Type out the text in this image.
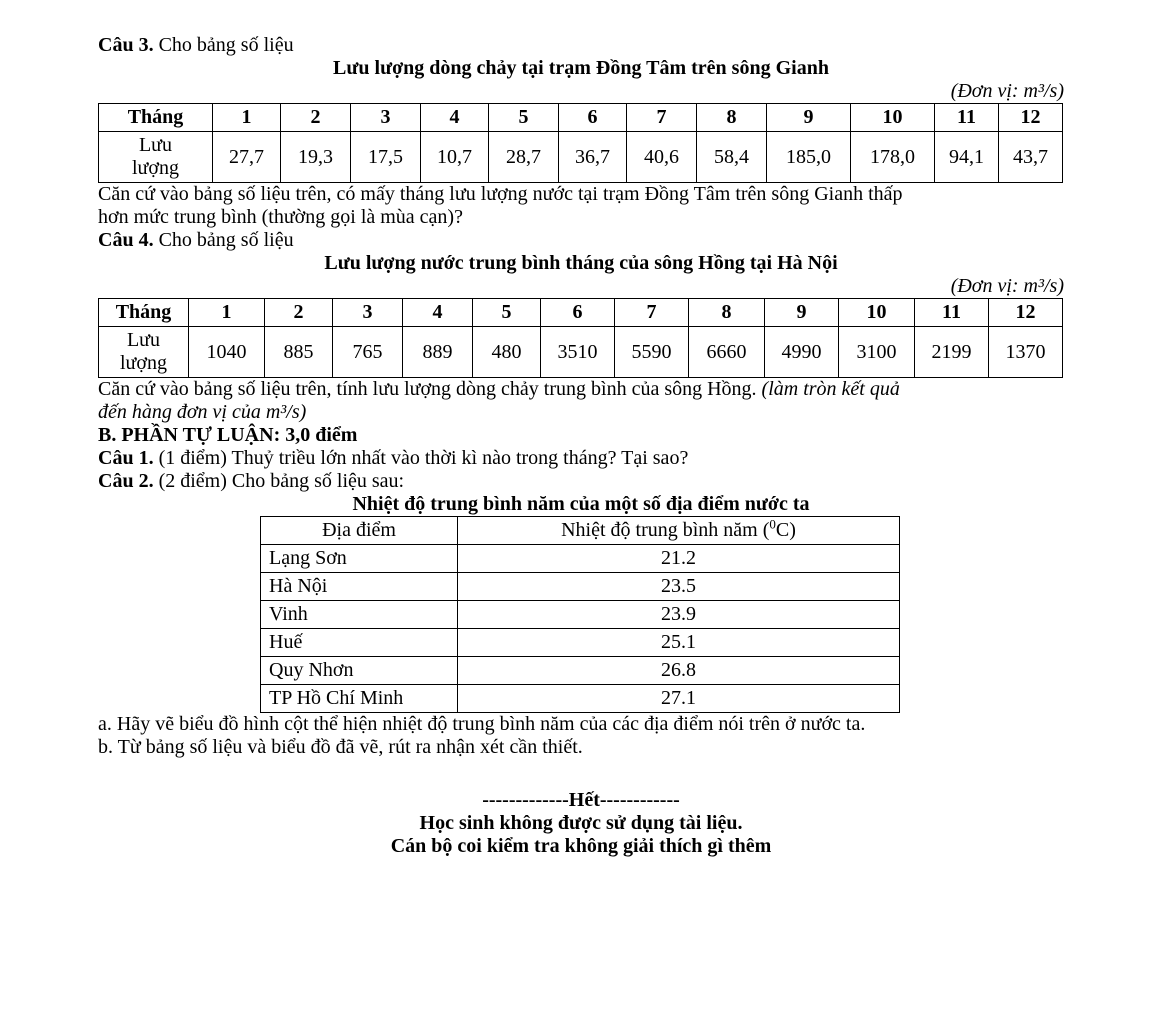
Câu 3. Cho bảng số liệu

Lưu lượng dòng chảy tại trạm Đồng Tâm trên sông Gianh

(Đơn vị: m³/s)

Tháng	1	2	3	4	5	6	7	8	9	10	11	12
Lưu
lượng	27,7	19,3	17,5	10,7	28,7	36,7	40,6	58,4	185,0	178,0	94,1	43,7

Căn cứ vào bảng số liệu trên, có mấy tháng lưu lượng nước tại trạm Đồng Tâm trên sông Gianh thấp

hơn mức trung bình (thường gọi là mùa cạn)?

Câu 4. Cho bảng số liệu

Lưu lượng nước trung bình tháng của sông Hồng tại Hà Nội

(Đơn vị: m³/s)

Tháng	1	2	3	4	5	6	7	8	9	10	11	12
Lưu
lượng	1040	885	765	889	480	3510	5590	6660	4990	3100	2199	1370

Căn cứ vào bảng số liệu trên, tính lưu lượng dòng chảy trung bình của sông Hồng. (làm tròn kết quả

đến hàng đơn vị của m³/s)

B. PHẦN TỰ LUẬN: 3,0 điểm

Câu 1. (1 điểm) Thuỷ triều lớn nhất vào thời kì nào trong tháng? Tại sao?

Câu 2. (2 điểm) Cho bảng số liệu sau:

Nhiệt độ trung bình năm của một số địa điểm nước ta

Địa điểm	Nhiệt độ trung bình năm ($^0$C)
Lạng Sơn	21.2
Hà Nội	23.5
Vinh	23.9
Huế	25.1
Quy Nhơn	26.8
TP Hồ Chí Minh	27.1

a. Hãy vẽ biểu đồ hình cột thể hiện nhiệt độ trung bình năm của các địa điểm nói trên ở nước ta.

b. Từ bảng số liệu và biểu đồ đã vẽ, rút ra nhận xét cần thiết.

-------------Hết------------

Học sinh không được sử dụng tài liệu.

Cán bộ coi kiểm tra không giải thích gì thêm
